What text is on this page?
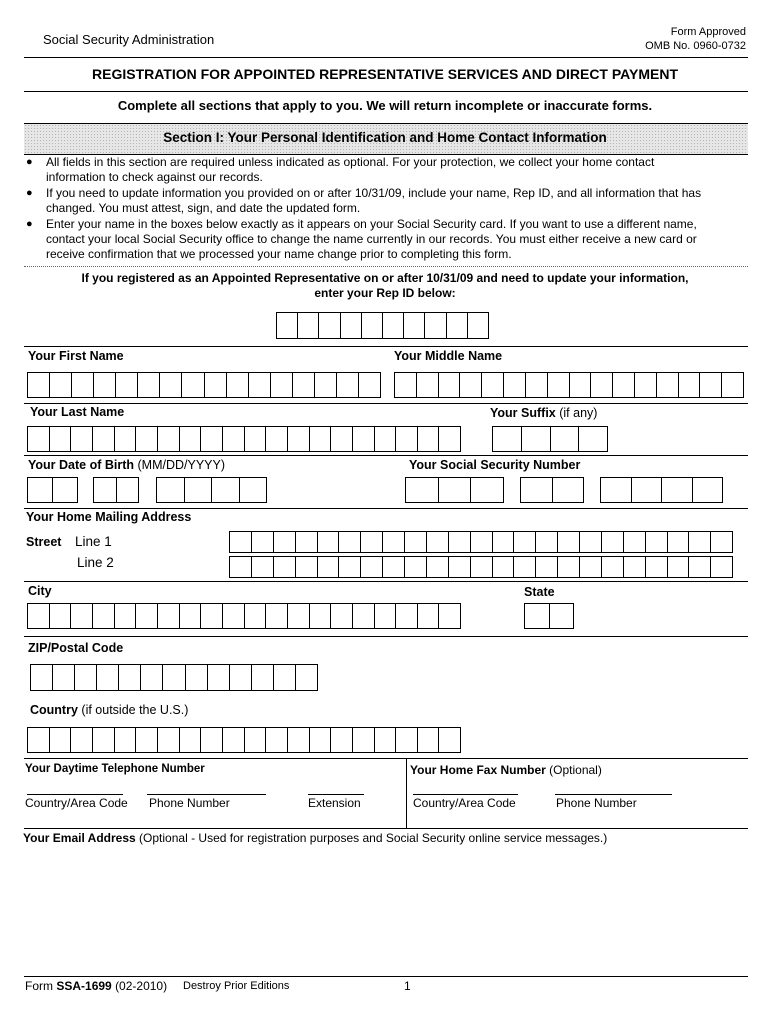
Social Security Administration	Form Approved
OMB No. 0960-0732
REGISTRATION FOR APPOINTED REPRESENTATIVE SERVICES AND DIRECT PAYMENT
Complete all sections that apply to you. We will return incomplete or inaccurate forms.
Section I: Your Personal Identification and Home Contact Information
● All fields in this section are required unless indicated as optional. For your protection, we collect your home contact
information to check against our records.
● If you need to update information you provided on or after 10/31/09, include your name, Rep ID, and all information that has
changed. You must attest, sign, and date the updated form.
● Enter your name in the boxes below exactly as it appears on your Social Security card. If you want to use a different name,
contact your local Social Security office to change the name currently in our records. You must either receive a new card or
receive confirmation that we processed your name change prior to completing this form.
If you registered as an Appointed Representative on or after 10/31/09 and need to update your information,
enter your Rep ID below:
Your First Name	Your Middle Name
Your Last Name	Your Suffix (if any)
Your Date of Birth (MM/DD/YYYY)	Your Social Security Number
Your Home Mailing Address
Street Line 1
Line 2
City	State
ZIP/Postal Code
Country (if outside the U.S.)
Your Daytime Telephone Number	Your Home Fax Number (Optional)
Country/Area Code Phone Number	Extension	Country/Area Code	Phone Number
Your Email Address (Optional - Used for registration purposes and Social Security online service messages.)
Form SSA-1699 (02-2010) Destroy Prior Editions	1
